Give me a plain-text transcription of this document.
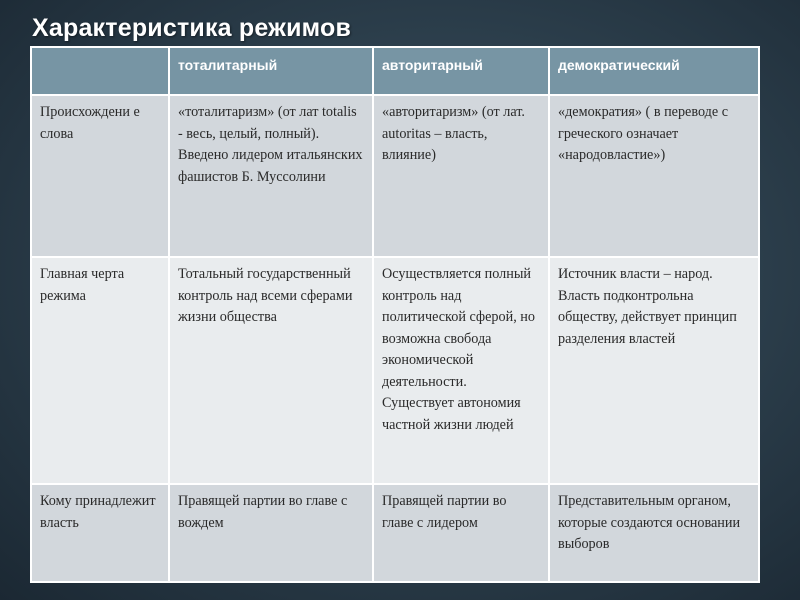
Характеристика режимов
	тоталитарный	авторитарный	демократический
Происхождени е слова	«тоталитаризм» (от лат totalis - весь, целый, полный). Введено лидером итальянских фашистов Б. Муссолини	«авторитаризм» (от лат. autoritas – власть, влияние)	«демократия» ( в переводе с греческого означает «народовластие»)
Главная черта режима	Тотальный государственный контроль над всеми сферами жизни общества	Осуществляется полный контроль над политической сферой, но возможна свобода экономической деятельности. Существует автономия частной жизни людей	Источник власти – народ. Власть подконтрольна обществу, действует принцип разделения властей
Кому принадлежит власть	Правящей партии во главе с вождем	Правящей партии во главе с лидером	Представительным органом, которые создаются основании выборов
